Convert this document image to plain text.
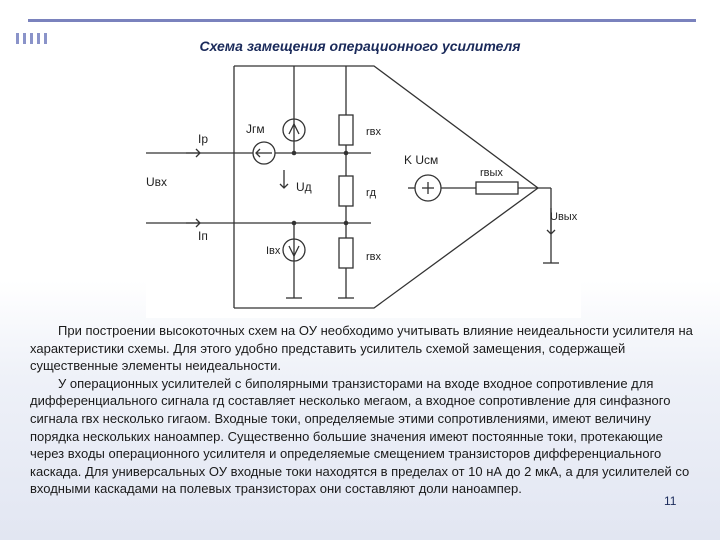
Схема замещения операционного усилителя
Iр
Jгм	rвх
Uвх	Uд	rд
K Uсм
rвых
Iп
Iвх	rвх
Uвых

При построении высокоточных схем на ОУ необходимо учитывать влияние неидеальности усилителя на характеристики схемы. Для этого удобно представить усилитель схемой замещения, содержащей существенные элементы неидеальности.

У операционных усилителей с биполярными транзисторами на входе входное сопротивление для дифференциального сигнала rд составляет несколько мегаом, а входное сопротивление для синфазного сигнала rвх несколько гигаом. Входные токи, определяемые этими сопротивлениями, имеют величину порядка нескольких наноампер. Существенно большие значения имеют постоянные токи, протекающие через входы операционного усилителя и определяемые смещением транзисторов дифференциального каскада. Для универсальных ОУ входные токи находятся в пределах от 10 нА до 2 мкА, а для усилителей со входными каскадами на полевых транзисторах они составляют доли наноампер.

11
